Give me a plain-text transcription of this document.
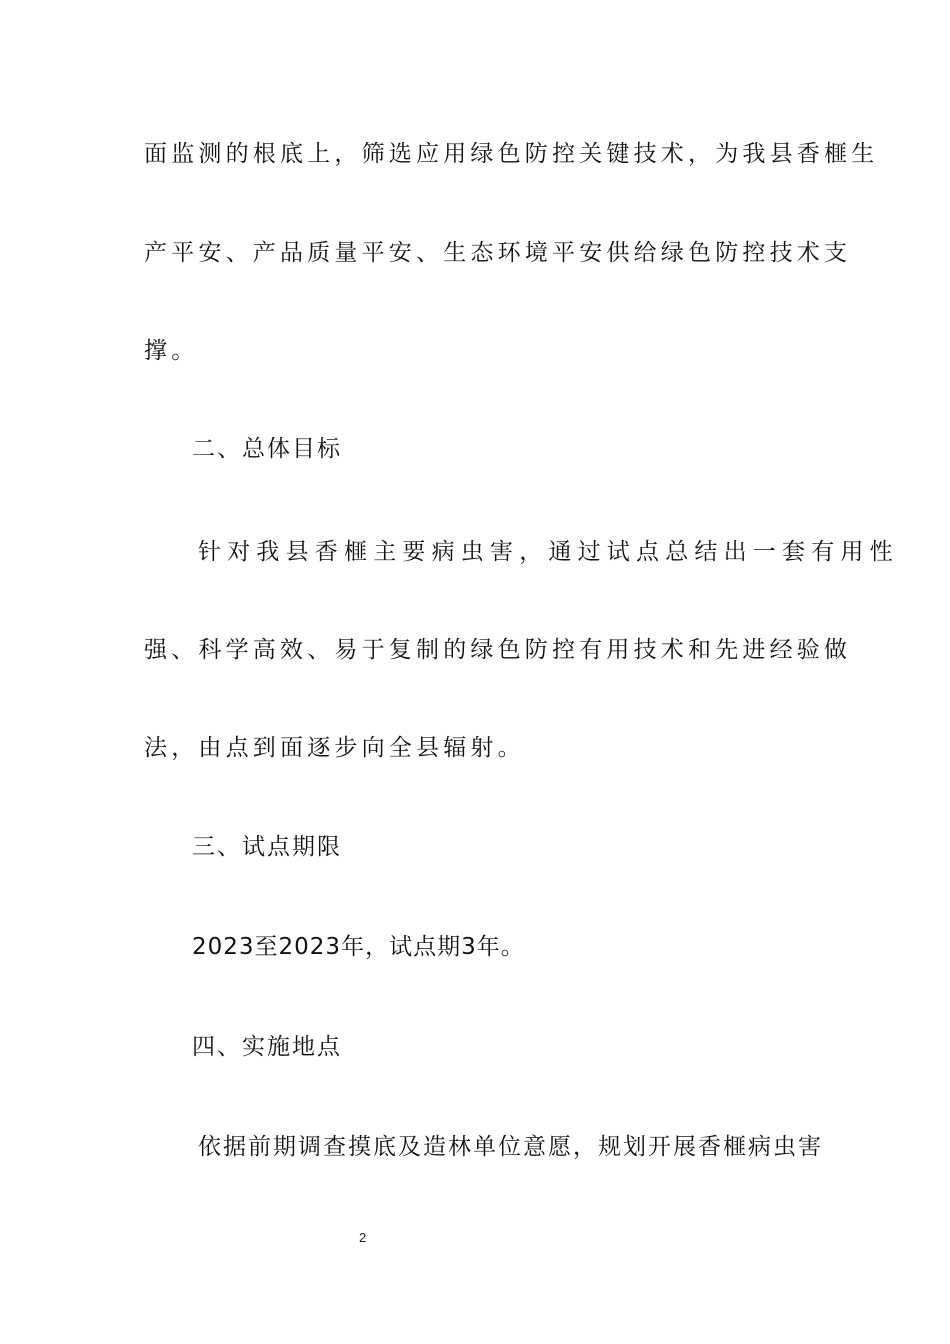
面监测的根底上，筛选应用绿色防控关键技术，为我县香榧生
产平安、产品质量平安、生态环境平安供给绿色防控技术支
撑。
二、总体目标
针对我县香榧主要病虫害，通过试点总结出一套有用性
强、科学高效、易于复制的绿色防控有用技术和先进经验做
法，由点到面逐步向全县辐射。
三、试点期限
2023至2023年，试点期3年。
四、实施地点
依据前期调查摸底及造林单位意愿，规划开展香榧病虫害
2
